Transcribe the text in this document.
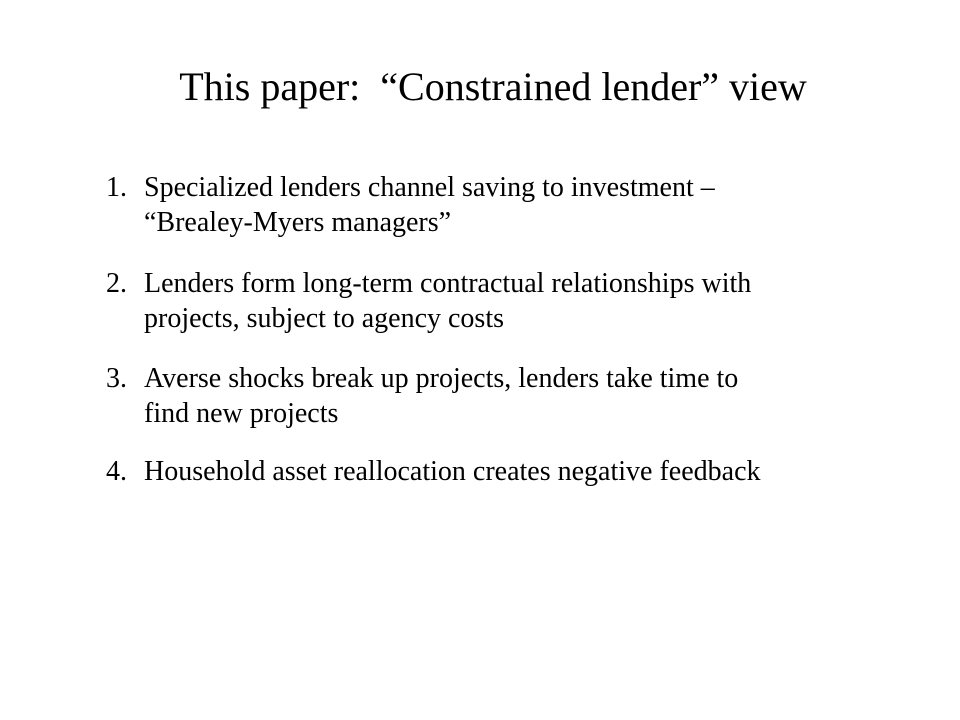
This paper:  “Constrained lender” view
1. Specialized lenders channel saving to investment –
“Brealey-Myers managers”
2. Lenders form long-term contractual relationships with
projects, subject to agency costs
3. Averse shocks break up projects, lenders take time to
find new projects
4. Household asset reallocation creates negative feedback
